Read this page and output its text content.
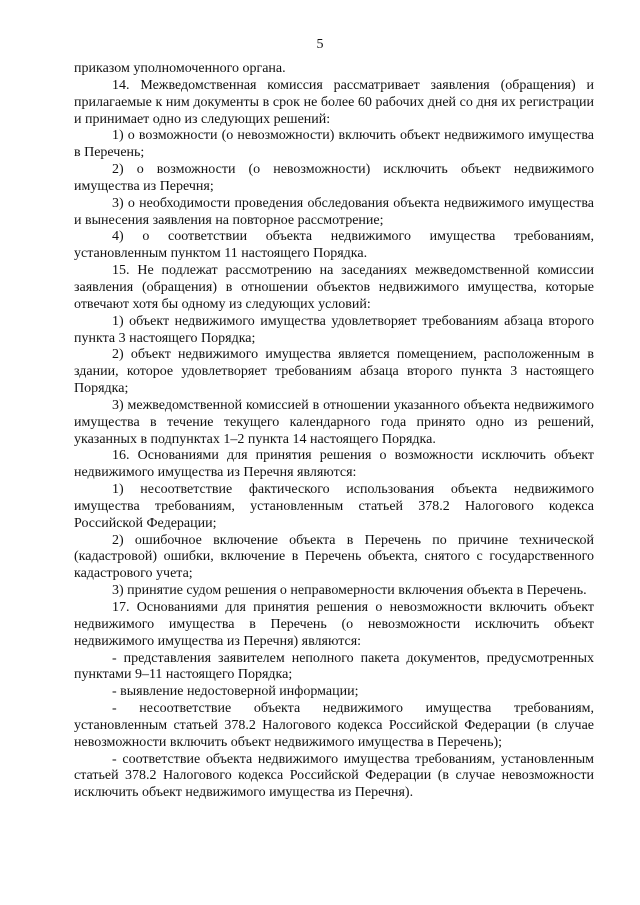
5

приказом уполномоченного органа.

14. Межведомственная комиссия рассматривает заявления (обращения) и прилагаемые к ним документы в срок не более 60 рабочих дней со дня их регистрации и принимает одно из следующих решений:

1) о возможности (о невозможности) включить объект недвижимого имущества в Перечень;

2) о возможности (о невозможности) исключить объект недвижимого имущества из Перечня;

3) о необходимости проведения обследования объекта недвижимого имущества и вынесения заявления на повторное рассмотрение;

4) о соответствии объекта недвижимого имущества требованиям, установленным пунктом 11 настоящего Порядка.

15. Не подлежат рассмотрению на заседаниях межведомственной комиссии заявления (обращения) в отношении объектов недвижимого имущества, которые отвечают хотя бы одному из следующих условий:

1) объект недвижимого имущества удовлетворяет требованиям абзаца второго пункта 3 настоящего Порядка;

2) объект недвижимого имущества является помещением, расположенным в здании, которое удовлетворяет требованиям абзаца второго пункта 3 настоящего Порядка;

3) межведомственной комиссией в отношении указанного объекта недвижимого имущества в течение текущего календарного года принято одно из решений, указанных в подпунктах 1–2 пункта 14 настоящего Порядка.

16. Основаниями для принятия решения о возможности исключить объект недвижимого имущества из Перечня являются:

1) несоответствие фактического использования объекта недвижимого имущества требованиям, установленным статьей 378.2 Налогового кодекса Российской Федерации;

2) ошибочное включение объекта в Перечень по причине технической (кадастровой) ошибки, включение в Перечень объекта, снятого с государственного кадастрового учета;

3) принятие судом решения о неправомерности включения объекта в Перечень.

17. Основаниями для принятия решения о невозможности включить объект недвижимого имущества в Перечень (о невозможности исключить объект недвижимого имущества из Перечня) являются:

- представления заявителем неполного пакета документов, предусмотренных пунктами 9–11 настоящего Порядка;

- выявление недостоверной информации;

- несоответствие объекта недвижимого имущества требованиям, установленным статьей 378.2 Налогового кодекса Российской Федерации (в случае невозможности включить объект недвижимого имущества в Перечень);

- соответствие объекта недвижимого имущества требованиям, установленным статьей 378.2 Налогового кодекса Российской Федерации (в случае невозможности исключить объект недвижимого имущества из Перечня).
